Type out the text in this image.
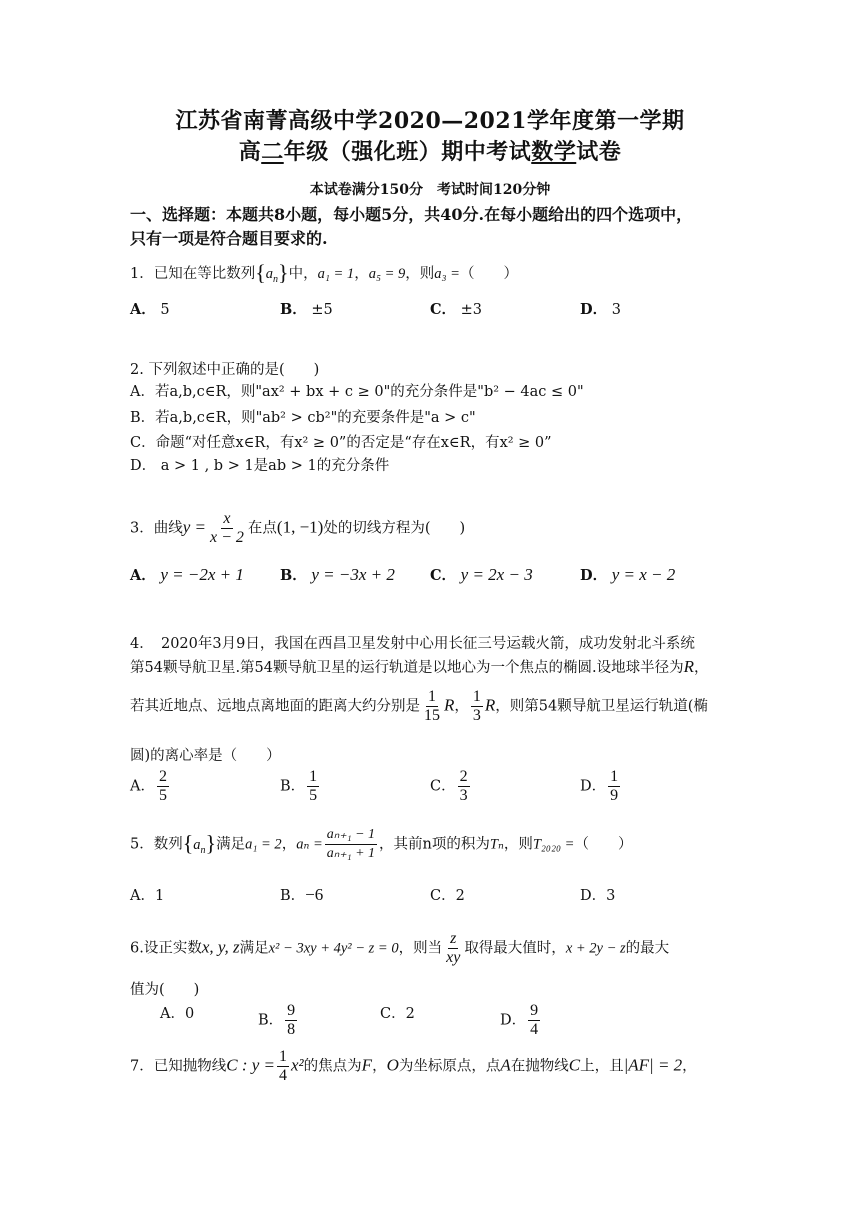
江苏省南菁高级中学2020—2021学年度第一学期
高二年级（强化班）期中考试数学试卷
本试卷满分150分　考试时间120分钟
一、选择题：本题共8小题，每小题5分，共40分.在每小题给出的四个选项中，
只有一项是符合题目要求的.
1．已知在等比数列$\{a_n\}$中，a₁ = 1，a₅ = 9，则a₃ =（　　）
A． 5	B． ±5	C． ±3	D． 3
2. 下列叙述中正确的是(　　)
A．若a,b,c∈R，则"ax² + bx + c ≥ 0"的充分条件是"b² − 4ac ≤ 0"
B．若a,b,c∈R，则"ab² > cb²"的充要条件是"a > c"
C．命题“对任意x∈R，有x² ≥ 0”的否定是“存在x∈R，有x² ≥ 0”
D． a > 1 , b > 1是ab > 1的充分条件
3．曲线$y = \frac{x}{x - 2}$ 在点(1, −1)处的切线方程为(　　)
A． y = −2x + 1 B． y = −3x + 2 C． y = 2x − 3	D． y = x − 2
4．　2020年3月9日，我国在西昌卫星发射中心用长征三号运载火箭，成功发射北斗系统
第54颗导航卫星.第54颗导航卫星的运行轨道是以地心为一个焦点的椭圆.设地球半径为R，
若其近地点、远地点离地面的距离大约分别是 $\frac{1}{15}$ R， $\frac{1}{3}$ R，则第54颗导航卫星运行轨道(椭
圆)的离心率是（　　）
A． $\frac{2}{5}$	B． $\frac{1}{5}$	C． $\frac{2}{3}$	D． $\frac{1}{9}$
5．数列$\{a_n\}$满足a₁ = 2，$a_n = \frac{\text{aₙ₊₁ − 1}}{\text{aₙ₊₁ + 1}}$ ，其前n项的积为Tₙ，则T₂₀₂₀ =（　　）
A．1	B．−6	C．2	D．3
6.设正实数x, y, z满足x² − 3xy + 4y² − z = 0，则当 $\frac{z}{xy}$ 取得最大值时，x + 2y − z的最大
值为(　　)
A．0	B． $\frac{9}{8}$	C．2	D． $\frac{9}{4}$
7．已知抛物线C : $y = \frac{1}{4} x^2$的焦点为F，O为坐标原点，点A在抛物线C上，且|AF| = 2，
